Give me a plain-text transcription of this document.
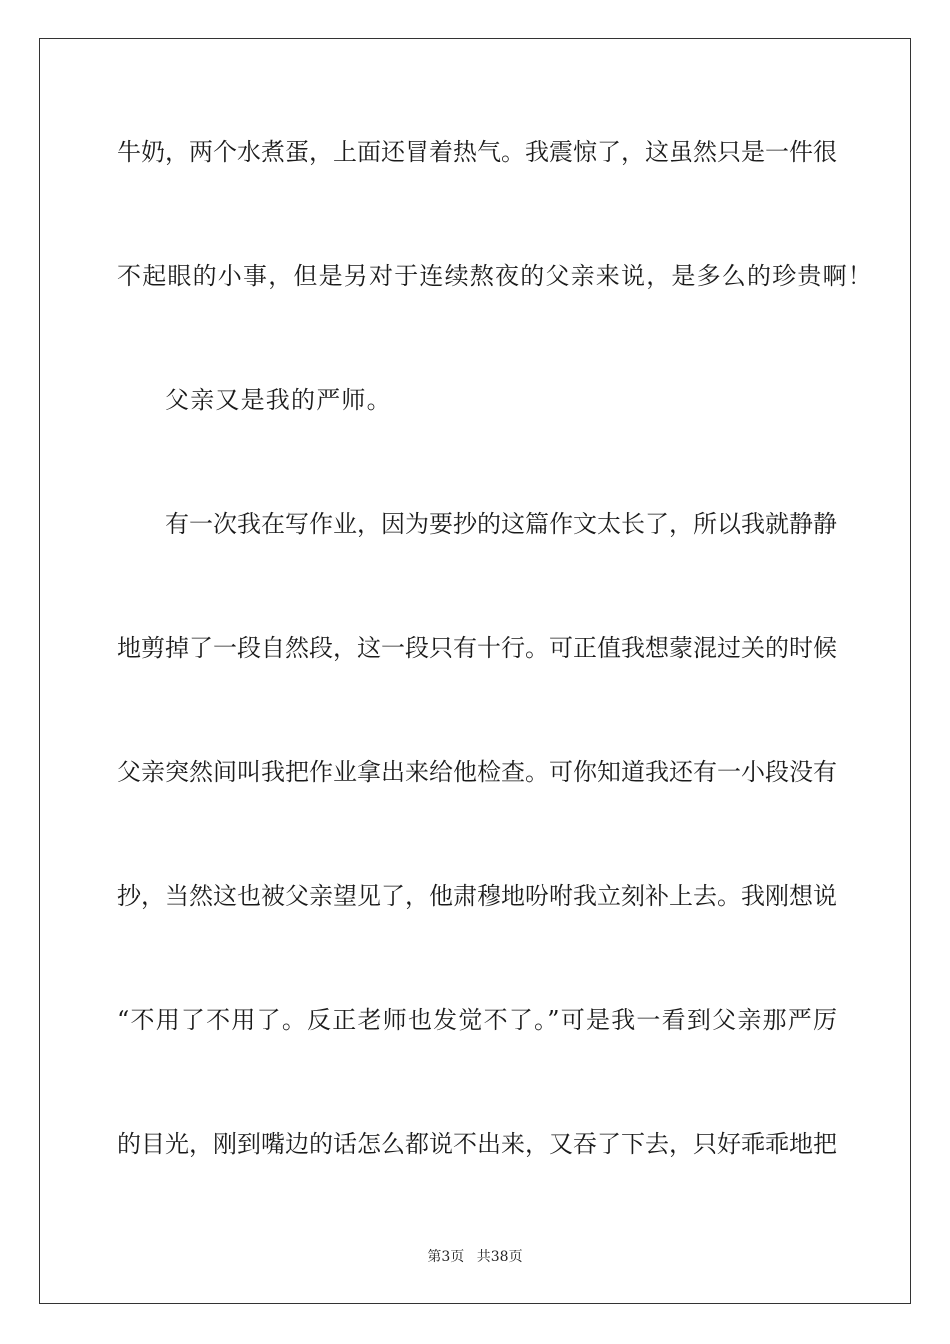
牛奶，两个水煮蛋，上面还冒着热气。我震惊了，这虽然只是一件很
不起眼的小事，但是另对于连续熬夜的父亲来说，是多么的珍贵啊！
父亲又是我的严师。
有一次我在写作业，因为要抄的这篇作文太长了，所以我就静静
地剪掉了一段自然段，这一段只有十行。可正值我想蒙混过关的时候
父亲突然间叫我把作业拿出来给他检查。可你知道我还有一小段没有
抄，当然这也被父亲望见了，他肃穆地吩咐我立刻补上去。我刚想说
“不用了不用了。反正老师也发觉不了。”可是我一看到父亲那严厉
的目光，刚到嘴边的话怎么都说不出来，又吞了下去，只好乖乖地把
第3页 共38页
